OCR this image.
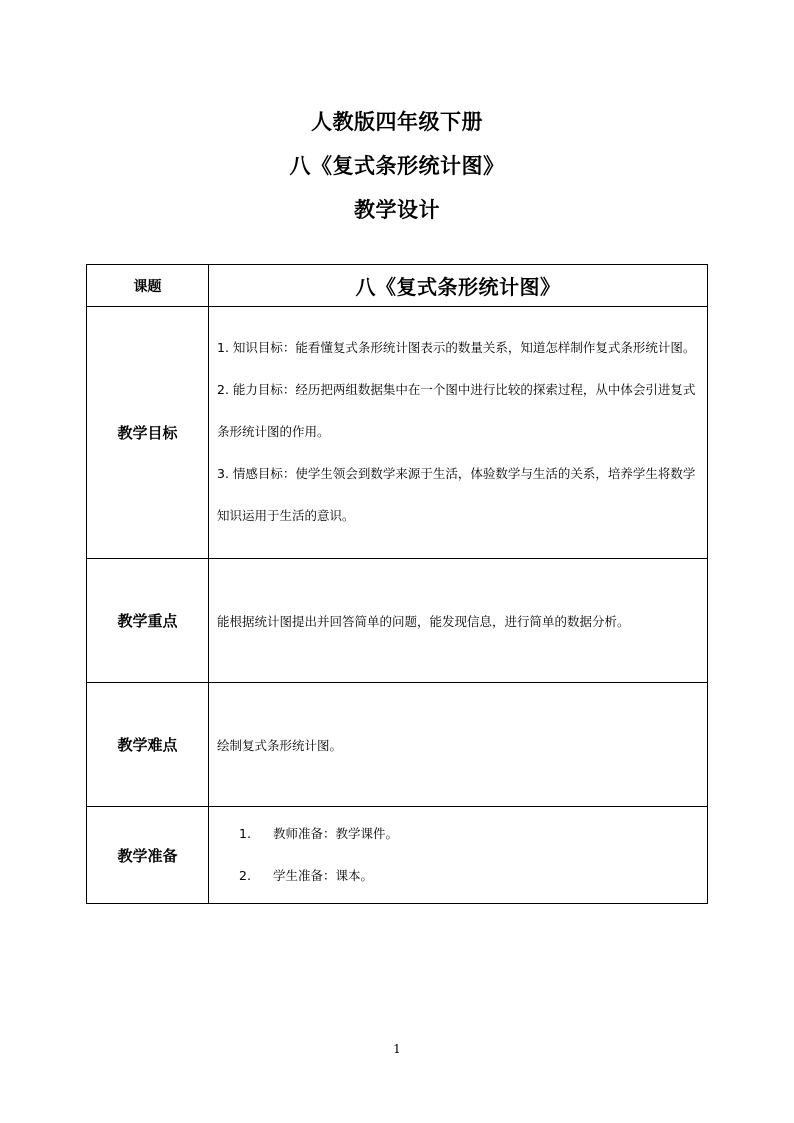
人教版四年级下册
八《复式条形统计图》
教学设计
课题	八《复式条形统计图》
教学目标	1. 知识目标：能看懂复式条形统计图表示的数量关系，知道怎样制作复式条形统计图。

2. 能力目标：经历把两组数据集中在一个图中进行比较的探索过程，从中体会引进复式条形统计图的作用。

3. 情感目标：使学生领会到数学来源于生活，体验数学与生活的关系，培养学生将数学知识运用于生活的意识。

教学重点	能根据统计图提出并回答简单的问题，能发现信息，进行简单的数据分析。

教学难点	绘制复式条形统计图。

教学准备	1. 教师准备：教学课件。
2. 学生准备：课本。
1
